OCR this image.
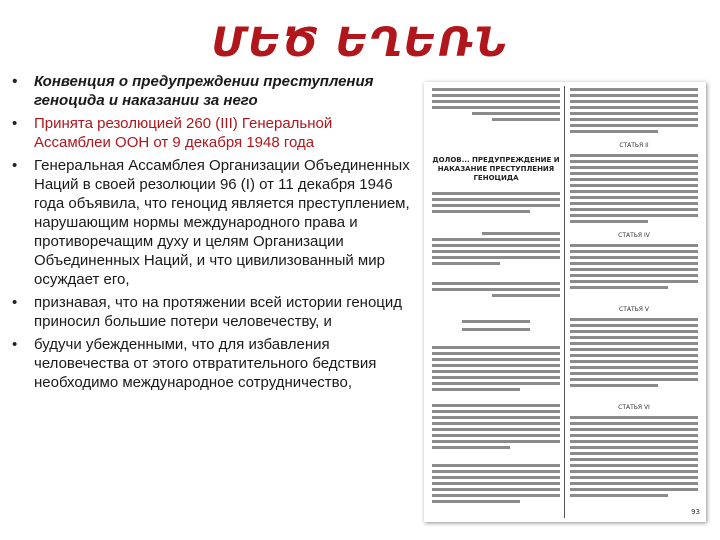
ՄԵԾ ԵՂԵՌՆ
• Конвенция о предупреждении преступления геноцида и наказании за него
• Принята резолюцией 260 (III) Генеральной Ассамблеи ООН от 9 декабря 1948 года
• Генеральная Ассамблея Организации Объединенных Наций в своей резолюции 96 (I) от 11 декабря 1946 года объявила, что геноцид является преступлением, нарушающим нормы международного права и противоречащим духу и целям Организации Объединенных Наций, и что цивилизованный мир осуждает его,
• признавая, что на протяжении всей истории геноцид приносил большие потери человечеству, и
• будучи убежденными, что для избавления человечества от этого отвратительного бедствия необходимо международное сотрудничество,
ДОЛОВ... ПРЕДУПРЕЖДЕНИЕ И НАКАЗАНИЕ ПРЕСТУПЛЕНИЯ ГЕНОЦИДА
СТАТЬЯ II
СТАТЬЯ IV
СТАТЬЯ V
СТАТЬЯ VI
93
